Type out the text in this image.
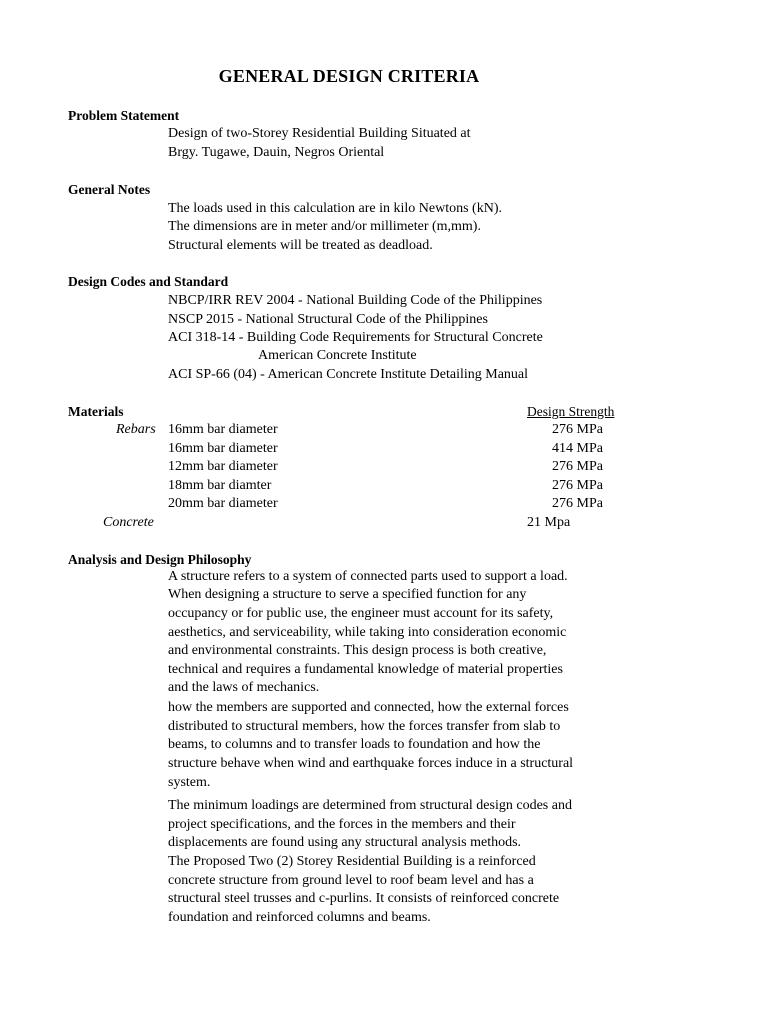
GENERAL DESIGN CRITERIA
Problem Statement
Design of two-Storey Residential Building Situated at
Brgy. Tugawe, Dauin, Negros Oriental
General Notes
The loads used in this calculation are in kilo Newtons (kN).
The dimensions are in meter and/or millimeter (m,mm).
Structural elements will be treated as deadload.
Design Codes and Standard
NBCP/IRR REV 2004 - National Building Code of the Philippines
NSCP 2015 - National Structural Code of the Philippines
ACI 318-14 - Building Code Requirements for Structural Concrete
American Concrete Institute
ACI SP-66 (04) - American Concrete Institute Detailing Manual
Materials	Design Strength
Rebars 16mm bar diameter	276 MPa
16mm bar diameter	414 MPa
12mm bar diameter	276 MPa
18mm bar diamter	276 MPa
20mm bar diameter	276 MPa
Concrete	21 Mpa
Analysis and Design Philosophy
A structure refers to a system of connected parts used to support a load.
When designing a structure to serve a specified function for any
occupancy or for public use, the engineer must account for its safety,
aesthetics, and serviceability, while taking into consideration economic
and environmental constraints. This design process is both creative,
technical and requires a fundamental knowledge of material properties
and the laws of mechanics.
how the members are supported and connected, how the external forces
distributed to structural members, how the forces transfer from slab to
beams, to columns and to transfer loads to foundation and how the
structure behave when wind and earthquake forces induce in a structural
system.
The minimum loadings are determined from structural design codes and
project specifications, and the forces in the members and their
displacements are found using any structural analysis methods.
The Proposed Two (2) Storey Residential Building is a reinforced
concrete structure from ground level to roof beam level and has a
structural steel trusses and c-purlins. It consists of reinforced concrete
foundation and reinforced columns and beams.
